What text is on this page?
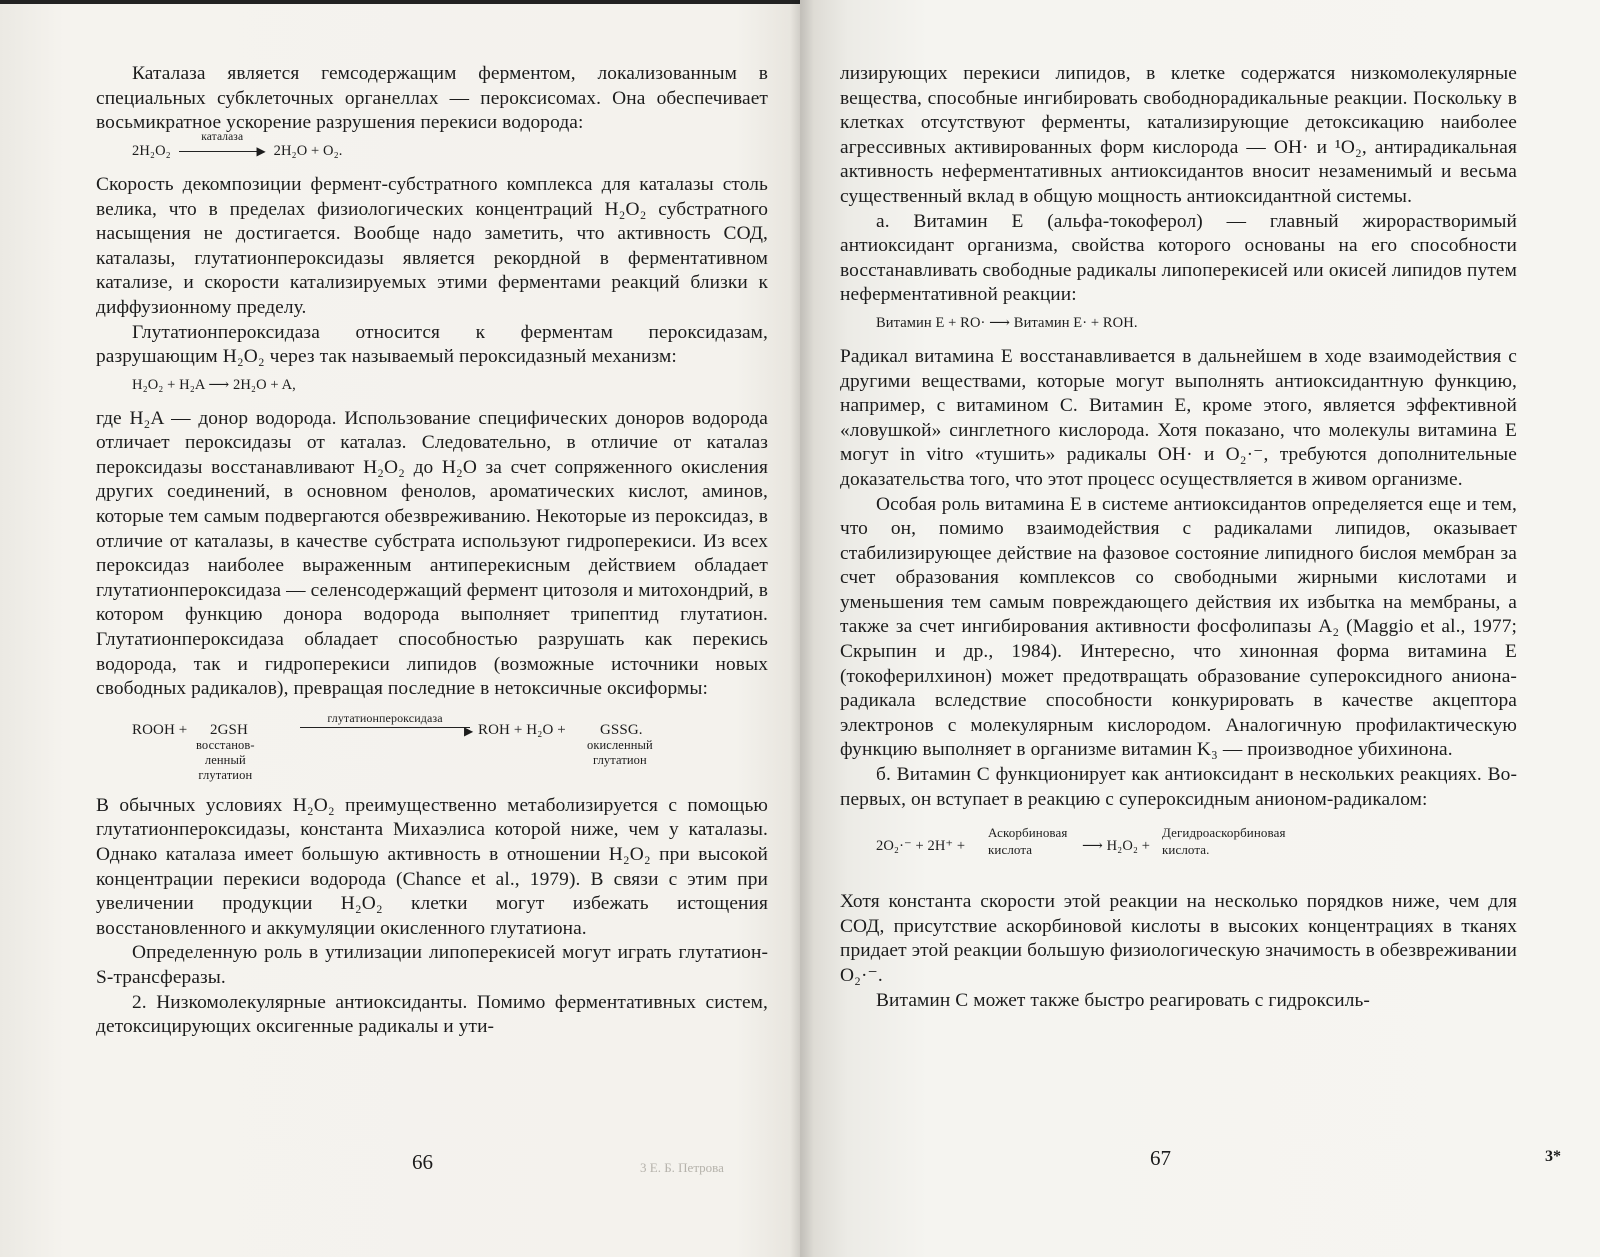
Каталаза является гемсодержащим ферментом, локализованным в специальных субклеточных органеллах — пероксисомах. Она обеспечивает восьмикратное ускорение разрушения перекиси водорода:

2H₂O₂
каталаза
▶ 2H₂O + O₂.

Скорость декомпозиции фермент-субстратного комплекса для каталазы столь велика, что в пределах физиологических концентраций H₂O₂ субстратного насыщения не достигается. Вообще надо заметить, что активность СОД, каталазы, глутатионпероксидазы является рекордной в ферментативном катализе, и скорости катализируемых этими ферментами реакций близки к диффузионному пределу.

Глутатионпероксидаза относится к ферментам пероксидазам, разрушающим H₂O₂ через так называемый пероксидазный механизм:

H₂O₂ + H₂A ⟶ 2H₂O + A,

где H₂A — донор водорода. Использование специфических доноров водорода отличает пероксидазы от каталаз. Следовательно, в отличие от каталаз пероксидазы восстанавливают H₂O₂ до H₂O за счет сопряженного окисления других соединений, в основном фенолов, ароматических кислот, аминов, которые тем самым подвергаются обезвреживанию. Некоторые из пероксидаз, в отличие от каталазы, в качестве субстрата используют гидроперекиси. Из всех пероксидаз наиболее выраженным антиперекисным действием обладает глутатионпероксидаза — селенсодержащий фермент цитозоля и митохондрий, в котором функцию донора водорода выполняет трипептид глутатион. Глутатионпероксидаза обладает способностью разрушать как перекись водорода, так и гидроперекиси липидов (возможные источники новых свободных радикалов), превращая последние в нетоксичные оксиформы:

ROOH + 2GSH
восстанов-
ленный
глутатион
глутатионпероксидаза
▶ ROH + H₂O + GSSG.
окисленный
глутатион

В обычных условиях H₂O₂ преимущественно метаболизируется с помощью глутатионпероксидазы, константа Михаэлиса которой ниже, чем у каталазы. Однако каталаза имеет большую активность в отношении H₂O₂ при высокой концентрации перекиси водорода (Chance et al., 1979). В связи с этим при увеличении продукции H₂O₂ клетки могут избежать истощения восстановленного и аккумуляции окисленного глутатиона.

Определенную роль в утилизации липоперекисей могут играть глутатион-S-трансферазы.

2. Низкомолекулярные антиоксиданты. Помимо ферментативных систем, детоксицирующих оксигенные радикалы и ути-

66	3 Е. Б. Петрова

лизирующих перекиси липидов, в клетке содержатся низкомолекулярные вещества, способные ингибировать свободнорадикальные реакции. Поскольку в клетках отсутствуют ферменты, катализирующие детоксикацию наиболее агрессивных активированных форм кислорода — OH· и ¹O₂, антирадикальная активность неферментативных антиоксидантов вносит незаменимый и весьма существенный вклад в общую мощность антиоксидантной системы.

а. Витамин E (альфа-токоферол) — главный жирорастворимый антиоксидант организма, свойства которого основаны на его способности восстанавливать свободные радикалы липоперекисей или окисей липидов путем неферментативной реакции:

Витамин E + RO· ⟶ Витамин E· + ROH.

Радикал витамина E восстанавливается в дальнейшем в ходе взаимодействия с другими веществами, которые могут выполнять антиоксидантную функцию, например, с витамином C. Витамин E, кроме этого, является эффективной «ловушкой» синглетного кислорода. Хотя показано, что молекулы витамина E могут in vitro «тушить» радикалы OH· и O₂·⁻, требуются дополнительные доказательства того, что этот процесс осуществляется в живом организме.

Особая роль витамина E в системе антиоксидантов определяется еще и тем, что он, помимо взаимодействия с радикалами липидов, оказывает стабилизирующее действие на фазовое состояние липидного бислоя мембран за счет образования комплексов со свободными жирными кислотами и уменьшения тем самым повреждающего действия их избытка на мембраны, а также за счет ингибирования активности фосфолипазы A₂ (Maggio et al., 1977; Скрыпин и др., 1984). Интересно, что хинонная форма витамина E (токоферилхинон) может предотвращать образование супероксидного аниона-радикала вследствие способности конкурировать в качестве акцептора электронов с молекулярным кислородом. Аналогичную профилактическую функцию выполняет в организме витамин K₃ — производное убихинона.

б. Витамин C функционирует как антиоксидант в нескольких реакциях. Во-первых, он вступает в реакцию с супероксидным анионом-радикалом:

2O₂·⁻ + 2H⁺ +
Аскорбиновая
кислота	⟶ H₂O₂ +
Дегидроаскорбиновая
кислота.

Хотя константа скорости этой реакции на несколько порядков ниже, чем для СОД, присутствие аскорбиновой кислоты в высоких концентрациях в тканях придает этой реакции большую физиологическую значимость в обезвреживании O₂·⁻.

Витамин C может также быстро реагировать с гидроксиль-

67	3*
